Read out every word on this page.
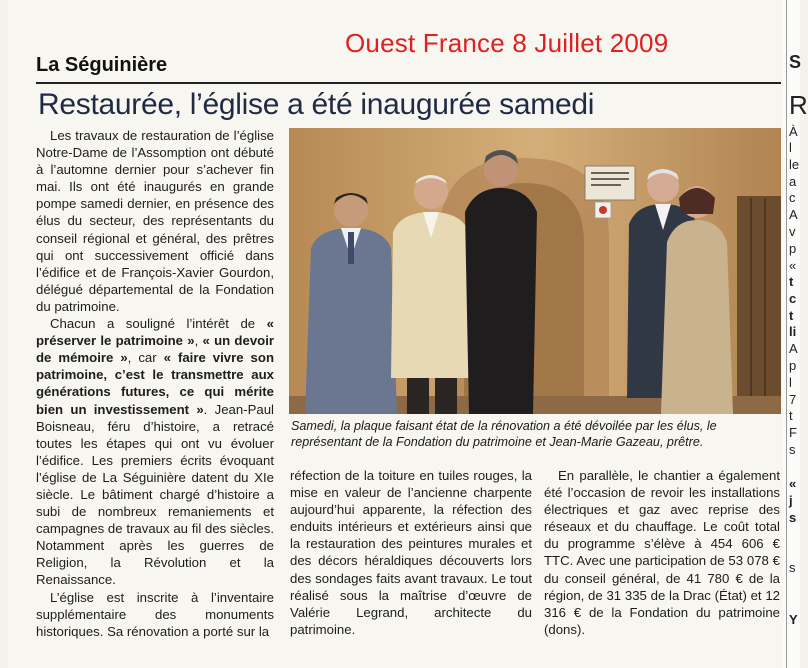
Ouest France 8 Juillet 2009
La Séguinière
Restaurée, l’église a été inaugurée samedi

Les travaux de restauration de l’église Notre-Dame de l’Assomption ont débuté à l’automne dernier pour s’achever fin mai. Ils ont été inaugurés en grande pompe samedi dernier, en présence des élus du secteur, des représentants du conseil régional et général, des prêtres qui ont successivement officié dans l’édifice et de François-Xavier Gourdon, délégué départemental de la Fondation du patrimoine.

Chacun a souligné l’intérêt de « préserver le patrimoine », « un devoir de mémoire », car « faire vivre son patrimoine, c’est le transmettre aux générations futures, ce qui mérite bien un investissement ». Jean-Paul Boisneau, féru d’histoire, a retracé toutes les étapes qui ont vu évoluer l’édifice. Les premiers écrits évoquant l’église de La Séguinière datent du XIe siècle. Le bâtiment chargé d’histoire a subi de nombreux remaniements et campagnes de travaux au fil des siècles. Notamment après les guerres de Religion, la Révolution et la Renaissance.

L’église est inscrite à l’inventaire supplémentaire des monuments historiques. Sa rénovation a porté sur la

Samedi, la plaque faisant état de la rénovation a été dévoilée par les élus, le représentant de la Fondation du patrimoine et Jean-Marie Gazeau, prêtre.

réfection de la toiture en tuiles rouges, la mise en valeur de l’ancienne charpente aujourd’hui apparente, la réfection des enduits intérieurs et extérieurs ainsi que la restauration des peintures murales et des décors héraldiques découverts lors des sondages faits avant travaux. Le tout réalisé sous la maîtrise d’œuvre de Valérie Legrand, architecte du patrimoine.

En parallèle, le chantier a également été l’occasion de revoir les installations électriques et gaz avec reprise des réseaux et du chauffage. Le coût total du programme s’élève à 454 606 € TTC. Avec une participation de 53 078 € du conseil général, de 41 780 € de la région, de 31 335 de la Drac (État) et 12 316 € de la Fondation du patrimoine (dons).

S
R
À
l
le
a
c
A
v
p
«
t
c
t
li
A
p
l
7
t
F
s
«
j
s
s
Y
